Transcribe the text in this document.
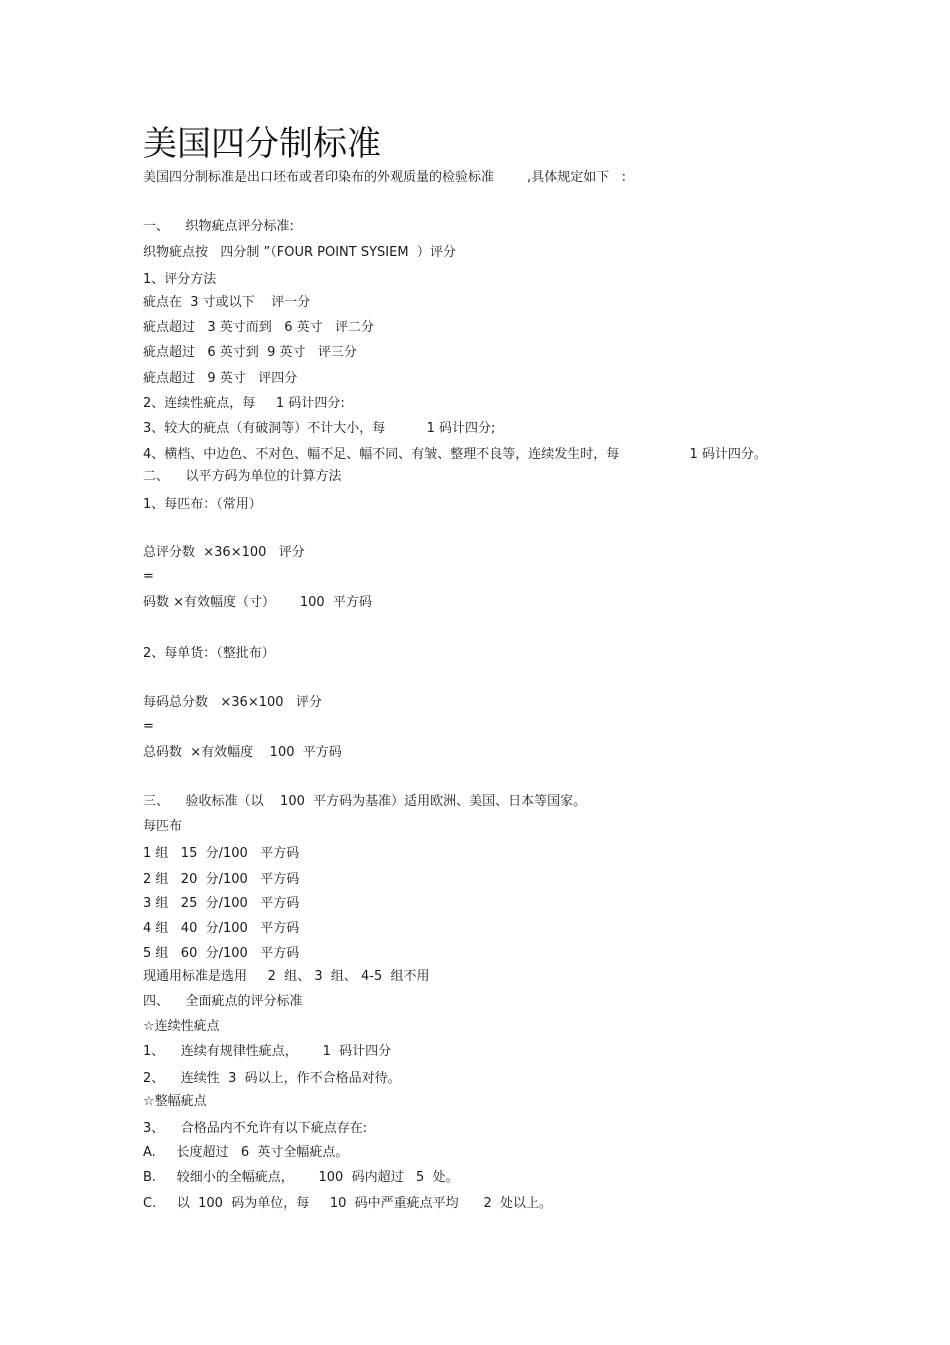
美国四分制标准
美国四分制标准是出口坯布或者印染布的外观质量的检验标准        ,具体规定如下   :
一、    织物疵点评分标准:
织物疵点按   四分制 ”（FOUR POINT SYSIEM  ）评分
1、评分方法
疵点在  3 寸或以下    评一分
疵点超过   3 英寸而到   6 英寸   评二分
疵点超过   6 英寸到  9 英寸   评三分
疵点超过   9 英寸   评四分
2、连续性疵点，每     1 码计四分:
3、较大的疵点（有破洞等）不计大小，每          1 码计四分;
4、横档、中边色、不对色、幅不足、幅不同、有皱、整理不良等，连续发生时，每                 1 码计四分。
二、    以平方码为单位的计算方法
1、每匹布：（常用）
总评分数  ×36×100   评分
=
码数 ×有效幅度（寸）      100  平方码
2、每单货：（整批布）
每码总分数   ×36×100   评分
=
总码数  ×有效幅度    100  平方码
三、    验收标准（以    100  平方码为基准）适用欧洲、美国、日本等国家。
每匹布
1 组   15  分/100   平方码
2 组   20  分/100   平方码
3 组   25  分/100   平方码
4 组   40  分/100   平方码
5 组   60  分/100   平方码
现通用标准是选用     2  组、 3  组、 4-5  组不用
四、    全面疵点的评分标准
☆连续性疵点
1、    连续有规律性疵点，      1  码计四分
2、    连续性  3  码以上，作不合格品对待。
☆整幅疵点
3、    合格品内不允许有以下疵点存在:
A.     长度超过   6  英寸全幅疵点。
B.     较细小的全幅疵点，      100  码内超过   5  处。
C.     以  100  码为单位，每     10  码中严重疵点平均      2  处以上。
